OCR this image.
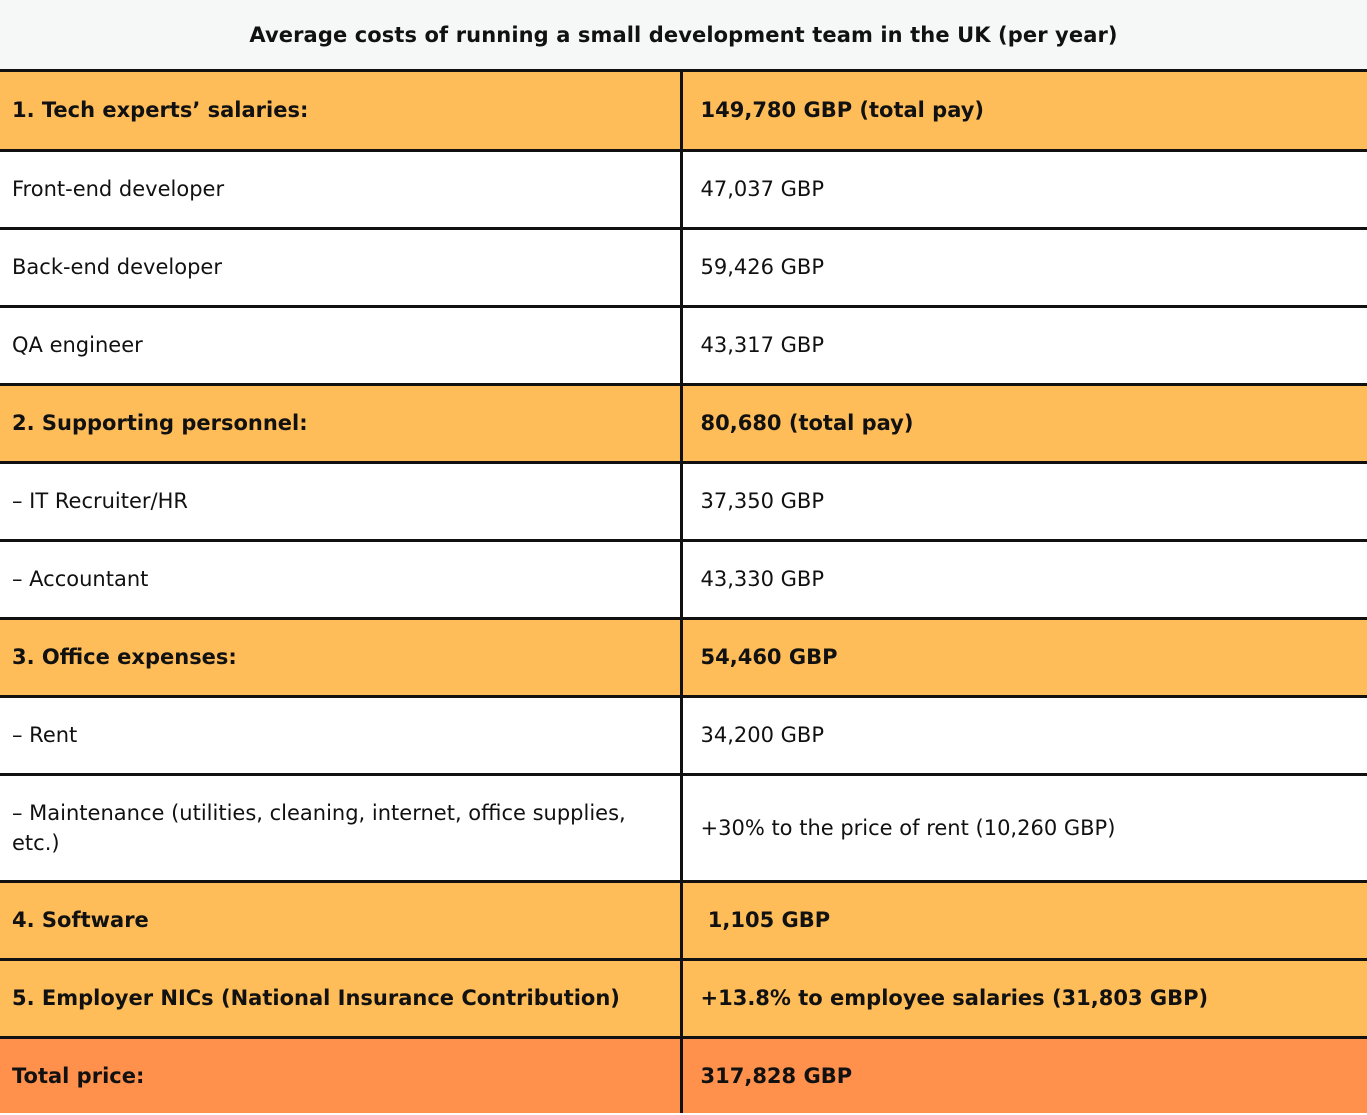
Average costs of running a small development team in the UK (per year)
1. Tech experts’ salaries:	149,780 GBP (total pay)
Front-end developer	47,037 GBP
Back-end developer	59,426 GBP
QA engineer	43,317 GBP
2. Supporting personnel:	80,680 (total pay)
– IT Recruiter/HR	37,350 GBP
– Accountant	43,330 GBP
3. Office expenses:	54,460 GBP
– Rent	34,200 GBP
– Maintenance (utilities, cleaning, internet, office supplies, etc.)	+30% to the price of rent (10,260 GBP)
4. Software	1,105 GBP
5. Employer NICs (National Insurance Contribution)	+13.8% to employee salaries (31,803 GBP)
Total price:	317,828 GBP
